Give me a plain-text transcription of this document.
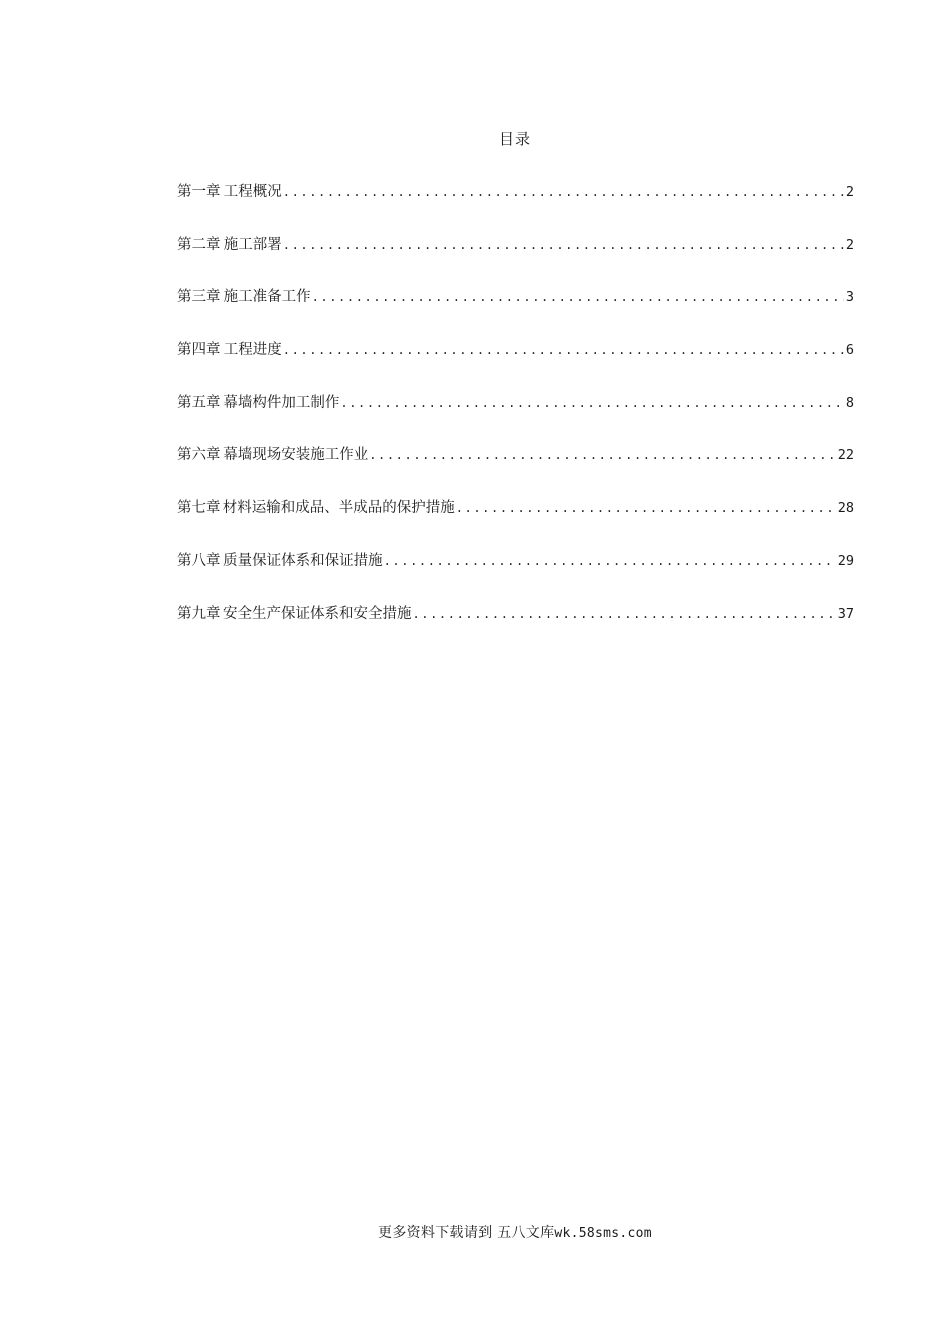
目录
第一章 工程概况 .....	2
第二章 施工部署 .....	2
第三章 施工准备工作 .....	3
第四章 工程进度 .....	6
第五章 幕墙构件加工制作 .....	8
第六章 幕墙现场安装施工作业 .....	22
第七章 材料运输和成品、半成品的保护措施 .....	28
第八章 质量保证体系和保证措施 .....	29
第九章 安全生产保证体系和安全措施 .....	37
更多资料下载请到 五八文库wk.58sms.com
